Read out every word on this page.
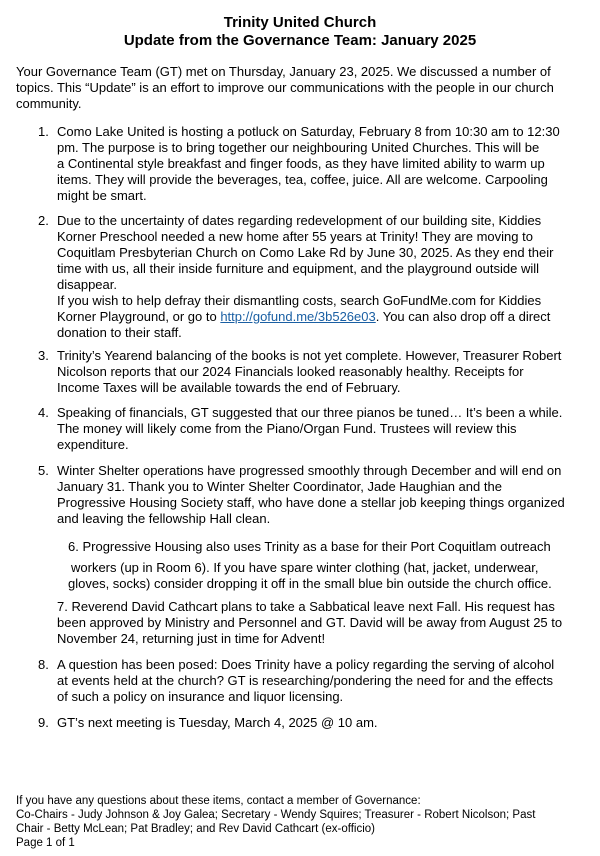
Trinity United Church
Update from the Governance Team: January 2025
Your Governance Team (GT) met on Thursday, January 23, 2025. We discussed a number of
topics. This “Update” is an effort to improve our communications with the people in our church
community.
1. Como Lake United is hosting a potluck on Saturday, February 8 from 10:30 am to 12:30
pm. The purpose is to bring together our neighbouring United Churches. This will be
a Continental style breakfast and finger foods, as they have limited ability to warm up
items. They will provide the beverages, tea, coffee, juice. All are welcome. Carpooling
might be smart.
2. Due to the uncertainty of dates regarding redevelopment of our building site, Kiddies
Korner Preschool needed a new home after 55 years at Trinity! They are moving to
Coquitlam Presbyterian Church on Como Lake Rd by June 30, 2025. As they end their
time with us, all their inside furniture and equipment, and the playground outside will
disappear.
If you wish to help defray their dismantling costs, search GoFundMe.com for Kiddies
Korner Playground, or go to http://gofund.me/3b526e03. You can also drop off a direct
donation to their staff.
3. Trinity’s Yearend balancing of the books is not yet complete. However, Treasurer Robert
Nicolson reports that our 2024 Financials looked reasonably healthy. Receipts for
Income Taxes will be available towards the end of February.
4. Speaking of financials, GT suggested that our three pianos be tuned… It’s been a while.
The money will likely come from the Piano/Organ Fund. Trustees will review this
expenditure.
5. Winter Shelter operations have progressed smoothly through December and will end on
January 31. Thank you to Winter Shelter Coordinator, Jade Haughian and the
Progressive Housing Society staff, who have done a stellar job keeping things organized
and leaving the fellowship Hall clean.
6. Progressive Housing also uses Trinity as a base for their Port Coquitlam outreach
workers (up in Room 6). If you have spare winter clothing (hat, jacket, underwear,
gloves, socks) consider dropping it off in the small blue bin outside the church office.
7. Reverend David Cathcart plans to take a Sabbatical leave next Fall. His request has
been approved by Ministry and Personnel and GT. David will be away from August 25 to
November 24, returning just in time for Advent!
8. A question has been posed: Does Trinity have a policy regarding the serving of alcohol
at events held at the church? GT is researching/pondering the need for and the effects
of such a policy on insurance and liquor licensing.
9. GT’s next meeting is Tuesday, March 4, 2025 @ 10 am.
If you have any questions about these items, contact a member of Governance:
Co-Chairs - Judy Johnson & Joy Galea; Secretary - Wendy Squires; Treasurer - Robert Nicolson; Past
Chair - Betty McLean; Pat Bradley; and Rev David Cathcart (ex-officio)
Page 1 of 1
